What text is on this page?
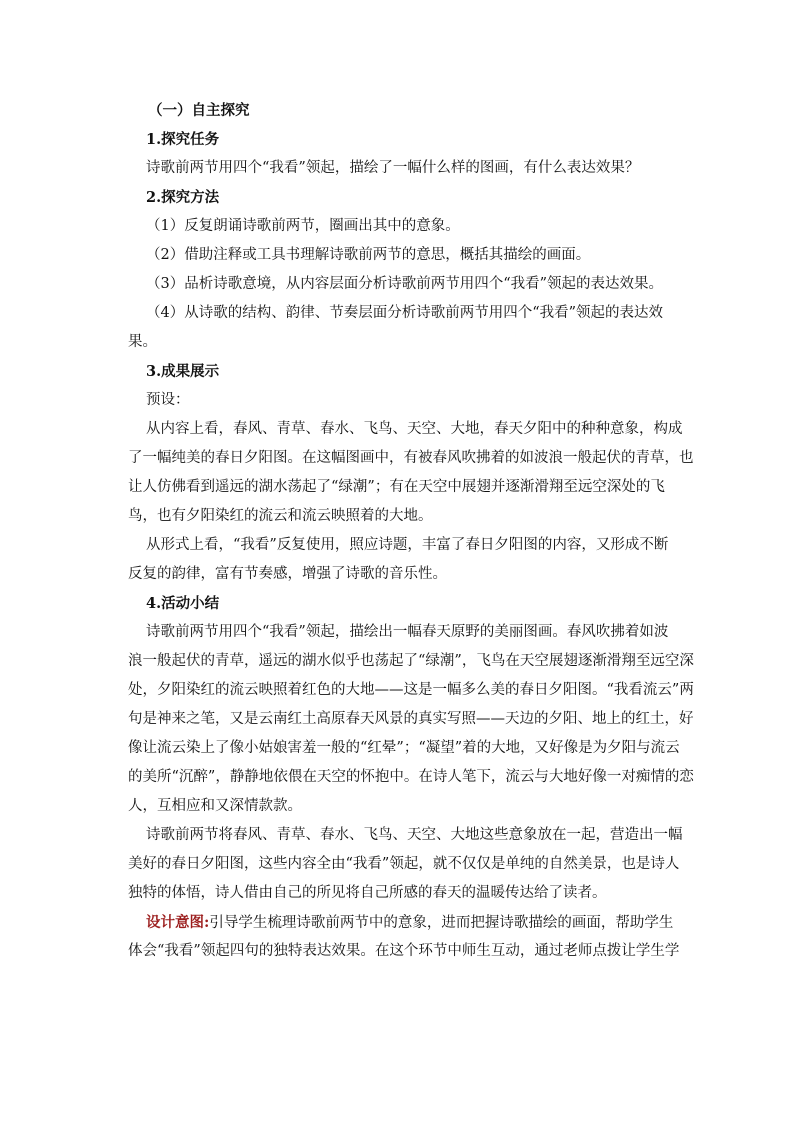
（一）自主探究
1.探究任务
诗歌前两节用四个“我看”领起，描绘了一幅什么样的图画，有什么表达效果？
2.探究方法
（1）反复朗诵诗歌前两节，圈画出其中的意象。
（2）借助注释或工具书理解诗歌前两节的意思，概括其描绘的画面。
（3）品析诗歌意境，从内容层面分析诗歌前两节用四个“我看”领起的表达效果。
（4）从诗歌的结构、韵律、节奏层面分析诗歌前两节用四个“我看”领起的表达效
果。
3.成果展示
预设：
从内容上看，春风、青草、春水、飞鸟、天空、大地，春天夕阳中的种种意象，构成
了一幅纯美的春日夕阳图。在这幅图画中，有被春风吹拂着的如波浪一般起伏的青草，也
让人仿佛看到遥远的湖水荡起了“绿潮”；有在天空中展翅并逐渐滑翔至远空深处的飞
鸟，也有夕阳染红的流云和流云映照着的大地。
从形式上看，“我看”反复使用，照应诗题，丰富了春日夕阳图的内容，又形成不断
反复的韵律，富有节奏感，增强了诗歌的音乐性。
4.活动小结
诗歌前两节用四个“我看”领起，描绘出一幅春天原野的美丽图画。春风吹拂着如波
浪一般起伏的青草，遥远的湖水似乎也荡起了“绿潮”，飞鸟在天空展翅逐渐滑翔至远空深
处，夕阳染红的流云映照着红色的大地——这是一幅多么美的春日夕阳图。“我看流云”两
句是神来之笔，又是云南红土高原春天风景的真实写照——天边的夕阳、地上的红土，好
像让流云染上了像小姑娘害羞一般的“红晕”；“凝望”着的大地，又好像是为夕阳与流云
的美所“沉醉”，静静地依偎在天空的怀抱中。在诗人笔下，流云与大地好像一对痴情的恋
人，互相应和又深情款款。
诗歌前两节将春风、青草、春水、飞鸟、天空、大地这些意象放在一起，营造出一幅
美好的春日夕阳图，这些内容全由“我看”领起，就不仅仅是单纯的自然美景，也是诗人
独特的体悟，诗人借由自己的所见将自己所感的春天的温暖传达给了读者。
设计意图:引导学生梳理诗歌前两节中的意象，进而把握诗歌描绘的画面，帮助学生
体会“我看”领起四句的独特表达效果。在这个环节中师生互动，通过老师点拨让学生学
